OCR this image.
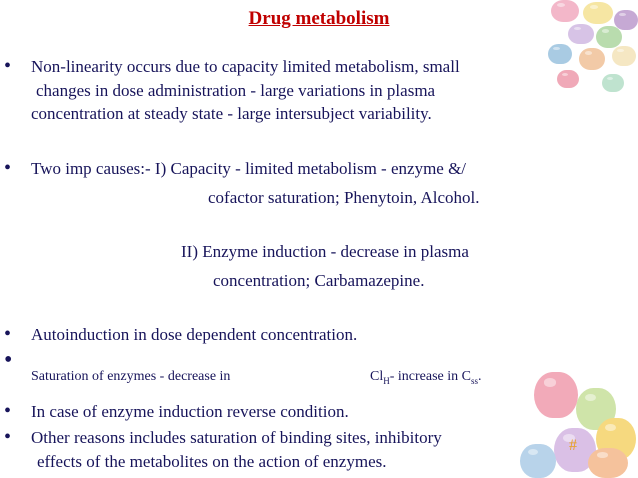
Drug metabolism
• Non-linearity occurs due to capacity limited metabolism, small
changes in dose administration - large variations in plasma
concentration at steady state - large intersubject variability.
• Two imp causes:- I) Capacity - limited metabolism - enzyme &/
cofactor saturation; Phenytoin, Alcohol.
II) Enzyme induction - decrease in plasma
concentration; Carbamazepine.
• Autoinduction in dose dependent concentration.
•
Saturation of enzymes - decrease in	$Cl_H-$ increase in $C_{ss}$.
• In case of enzyme induction reverse condition.
• Other reasons includes saturation of binding sites, inhibitory
effects of the metabolites on the action of enzymes.
#
